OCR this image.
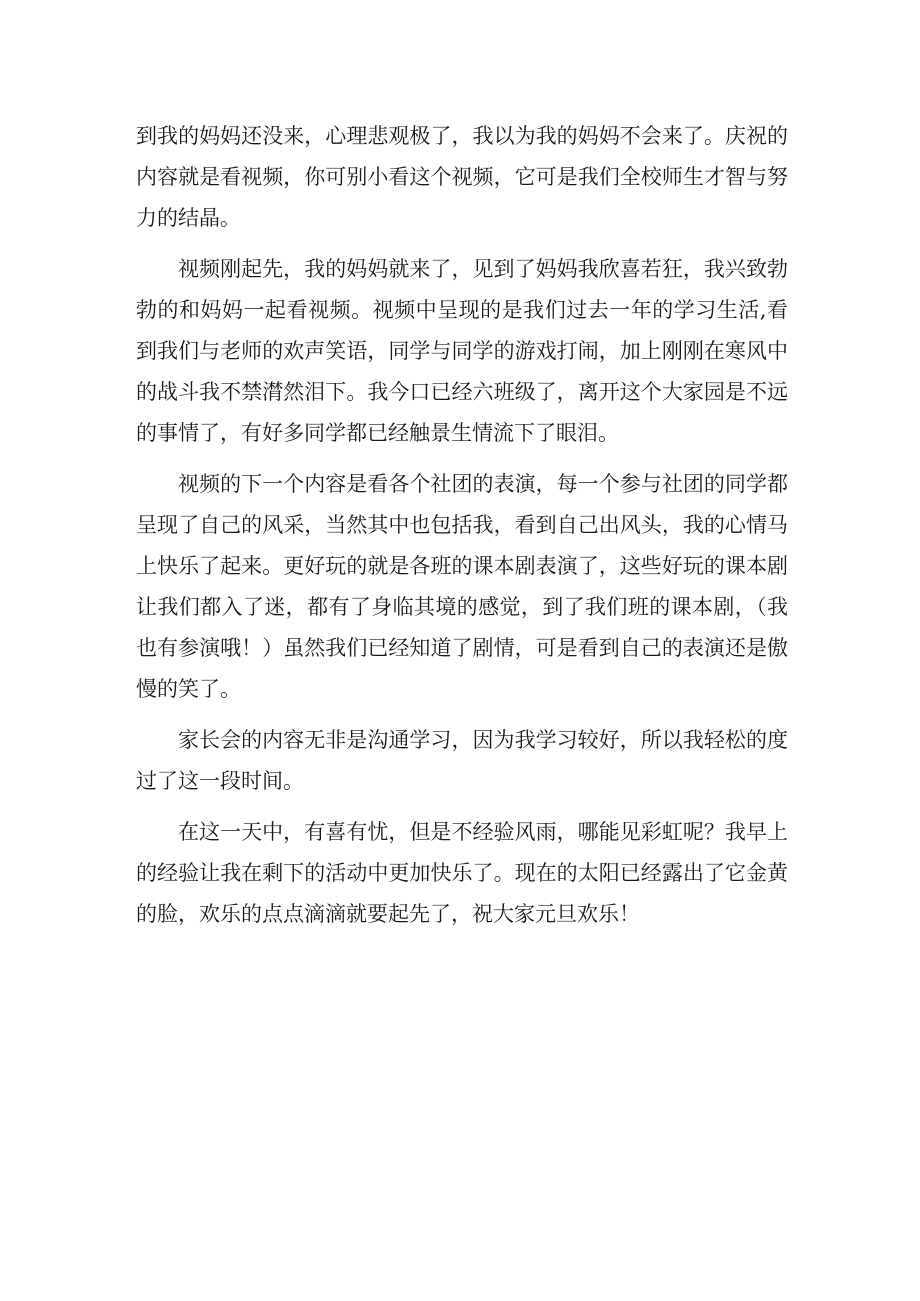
到我的妈妈还没来，心理悲观极了，我以为我的妈妈不会来了。庆祝的内容就是看视频，你可别小看这个视频，它可是我们全校师生才智与努力的结晶。

视频刚起先，我的妈妈就来了，见到了妈妈我欣喜若狂，我兴致勃勃的和妈妈一起看视频。视频中呈现的是我们过去一年的学习生活,看到我们与老师的欢声笑语，同学与同学的游戏打闹，加上刚刚在寒风中的战斗我不禁潸然泪下。我今口已经六班级了，离开这个大家园是不远的事情了，有好多同学都已经触景生情流下了眼泪。

视频的下一个内容是看各个社团的表演，每一个参与社团的同学都呈现了自己的风采，当然其中也包括我，看到自己出风头，我的心情马上快乐了起来。更好玩的就是各班的课本剧表演了，这些好玩的课本剧让我们都入了迷，都有了身临其境的感觉，到了我们班的课本剧，（我也有参演哦！）虽然我们已经知道了剧情，可是看到自己的表演还是傲慢的笑了。

家长会的内容无非是沟通学习，因为我学习较好，所以我轻松的度过了这一段时间。

在这一天中，有喜有忧，但是不经验风雨，哪能见彩虹呢？我早上的经验让我在剩下的活动中更加快乐了。现在的太阳已经露出了它金黄的脸，欢乐的点点滴滴就要起先了，祝大家元旦欢乐！
